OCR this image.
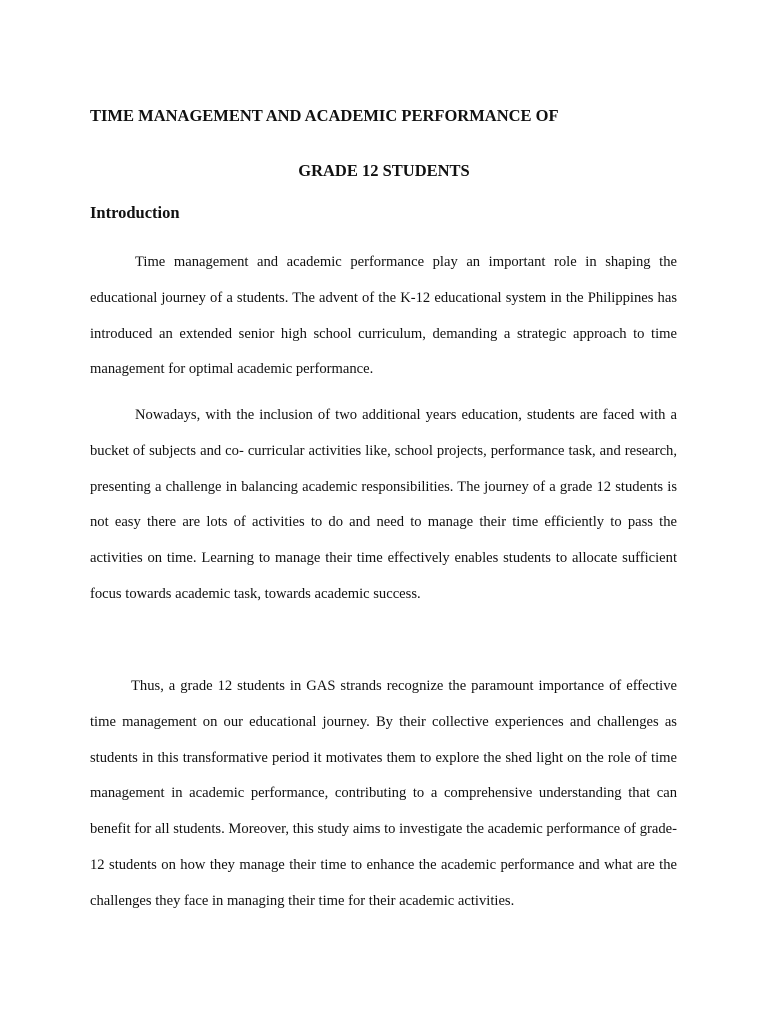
TIME MANAGEMENT AND ACADEMIC PERFORMANCE OF
GRADE 12 STUDENTS
Introduction

Time management and academic performance play an important role in shaping the educational journey of a students. The advent of the K-12 educational system in the Philippines has introduced an extended senior high school curriculum, demanding a strategic approach to time management for optimal academic performance.

Nowadays, with the inclusion of two additional years education, students are faced with a bucket of subjects and co- curricular activities like, school projects, performance task, and research, presenting a challenge in balancing academic responsibilities. The journey of a grade 12 students is not easy there are lots of activities to do and need to manage their time efficiently to pass the activities on time. Learning to manage their time effectively enables students to allocate sufficient focus towards academic task, towards academic success.

Thus, a grade 12 students in GAS strands recognize the paramount importance of effective time management on our educational journey. By their collective experiences and challenges as students in this transformative period it motivates them to explore the shed light on the role of time management in academic performance, contributing to a comprehensive understanding that can benefit for all students. Moreover, this study aims to investigate the academic performance of grade-12 students on how they manage their time to enhance the academic performance and what are the challenges they face in managing their time for their academic activities.
